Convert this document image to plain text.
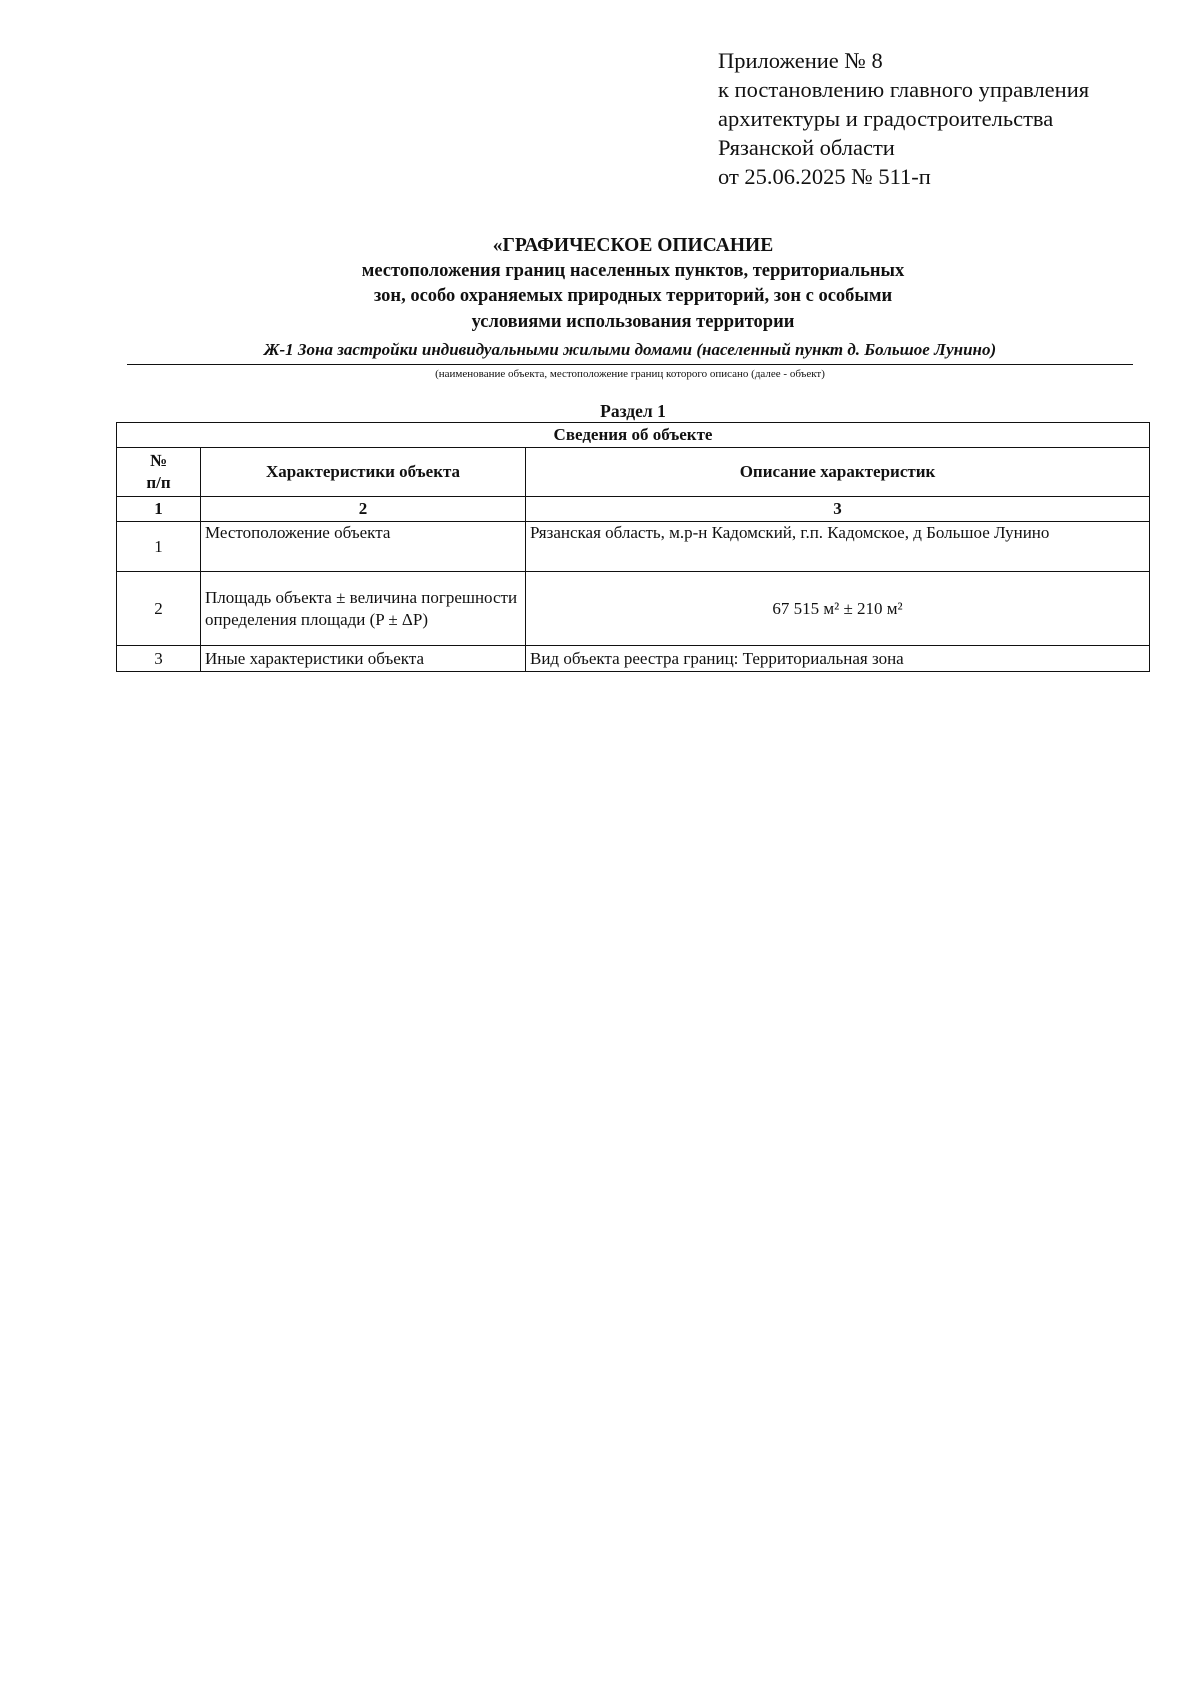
Приложение № 8
к постановлению главного управления
архитектуры и градостроительства
Рязанской области
от 25.06.2025 № 511-п
«ГРАФИЧЕСКОЕ ОПИСАНИЕ
местоположения границ населенных пунктов, территориальных
зон, особо охраняемых природных территорий, зон с особыми
условиями использования территории
Ж-1 Зона застройки индивидуальными жилыми домами (населенный пункт д. Большое Лунино)
(наименование объекта, местоположение границ которого описано (далее - объект)
Раздел 1
Сведения об объекте		

№
п/п	Характеристики объекта	Описание характеристик
1	2	3
1	Местоположение объекта	Рязанская область, м.р-н Кадомский, г.п. Кадомское, д Большое Лунино
2	Площадь объекта ± величина погрешности определения площади (P ± ΔP)	67 515 м² ± 210 м²
3	Иные характеристики объекта	Вид объекта реестра границ: Территориальная зона
